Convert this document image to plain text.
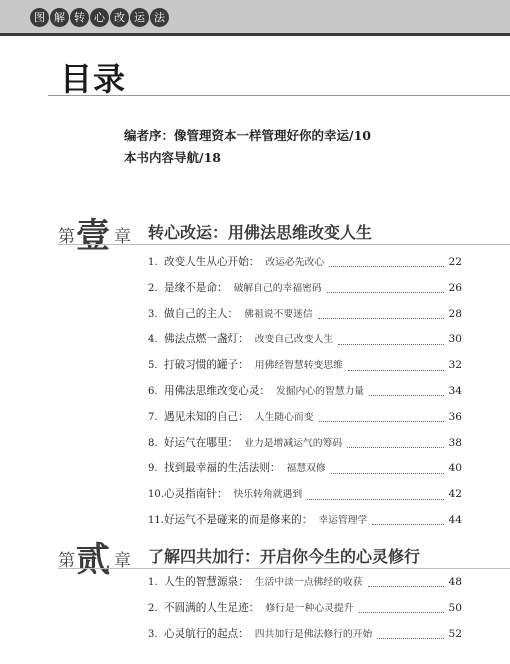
图 解 转 心 改 运 法
目录
编者序：像管理资本一样管理好你的幸运/10
本书内容导航/18
第 壹 章 转心改运：用佛法思维改变人生
1. 改变人生从心开始： 改运必先改心	22
2. 是缘不是命： 破解自己的幸福密码	26
3. 做自己的主人： 佛祖说不要迷信	28
4. 佛法点燃一盏灯： 改变自己改变人生	30
5. 打破习惯的罐子： 用佛经智慧转变思维	32
6. 用佛法思维改变心灵： 发掘内心的智慧力量	34
7. 遇见未知的自己： 人生随心而变	36
8. 好运气在哪里： 业力是增减运气的筹码	38
9. 找到最幸福的生活法则： 福慧双修	40
10. 心灵指南针： 快乐转角就遇到	42
11. 好运气不是碰来的而是修来的： 幸运管理学	44
第 贰 章 了解四共加行：开启你今生的心灵修行
1. 人生的智慧源泉： 生活中读一点佛经的收获	48
2. 不圆满的人生足迹： 修行是一种心灵提升	50
3. 心灵航行的起点： 四共加行是佛法修行的开始	52
